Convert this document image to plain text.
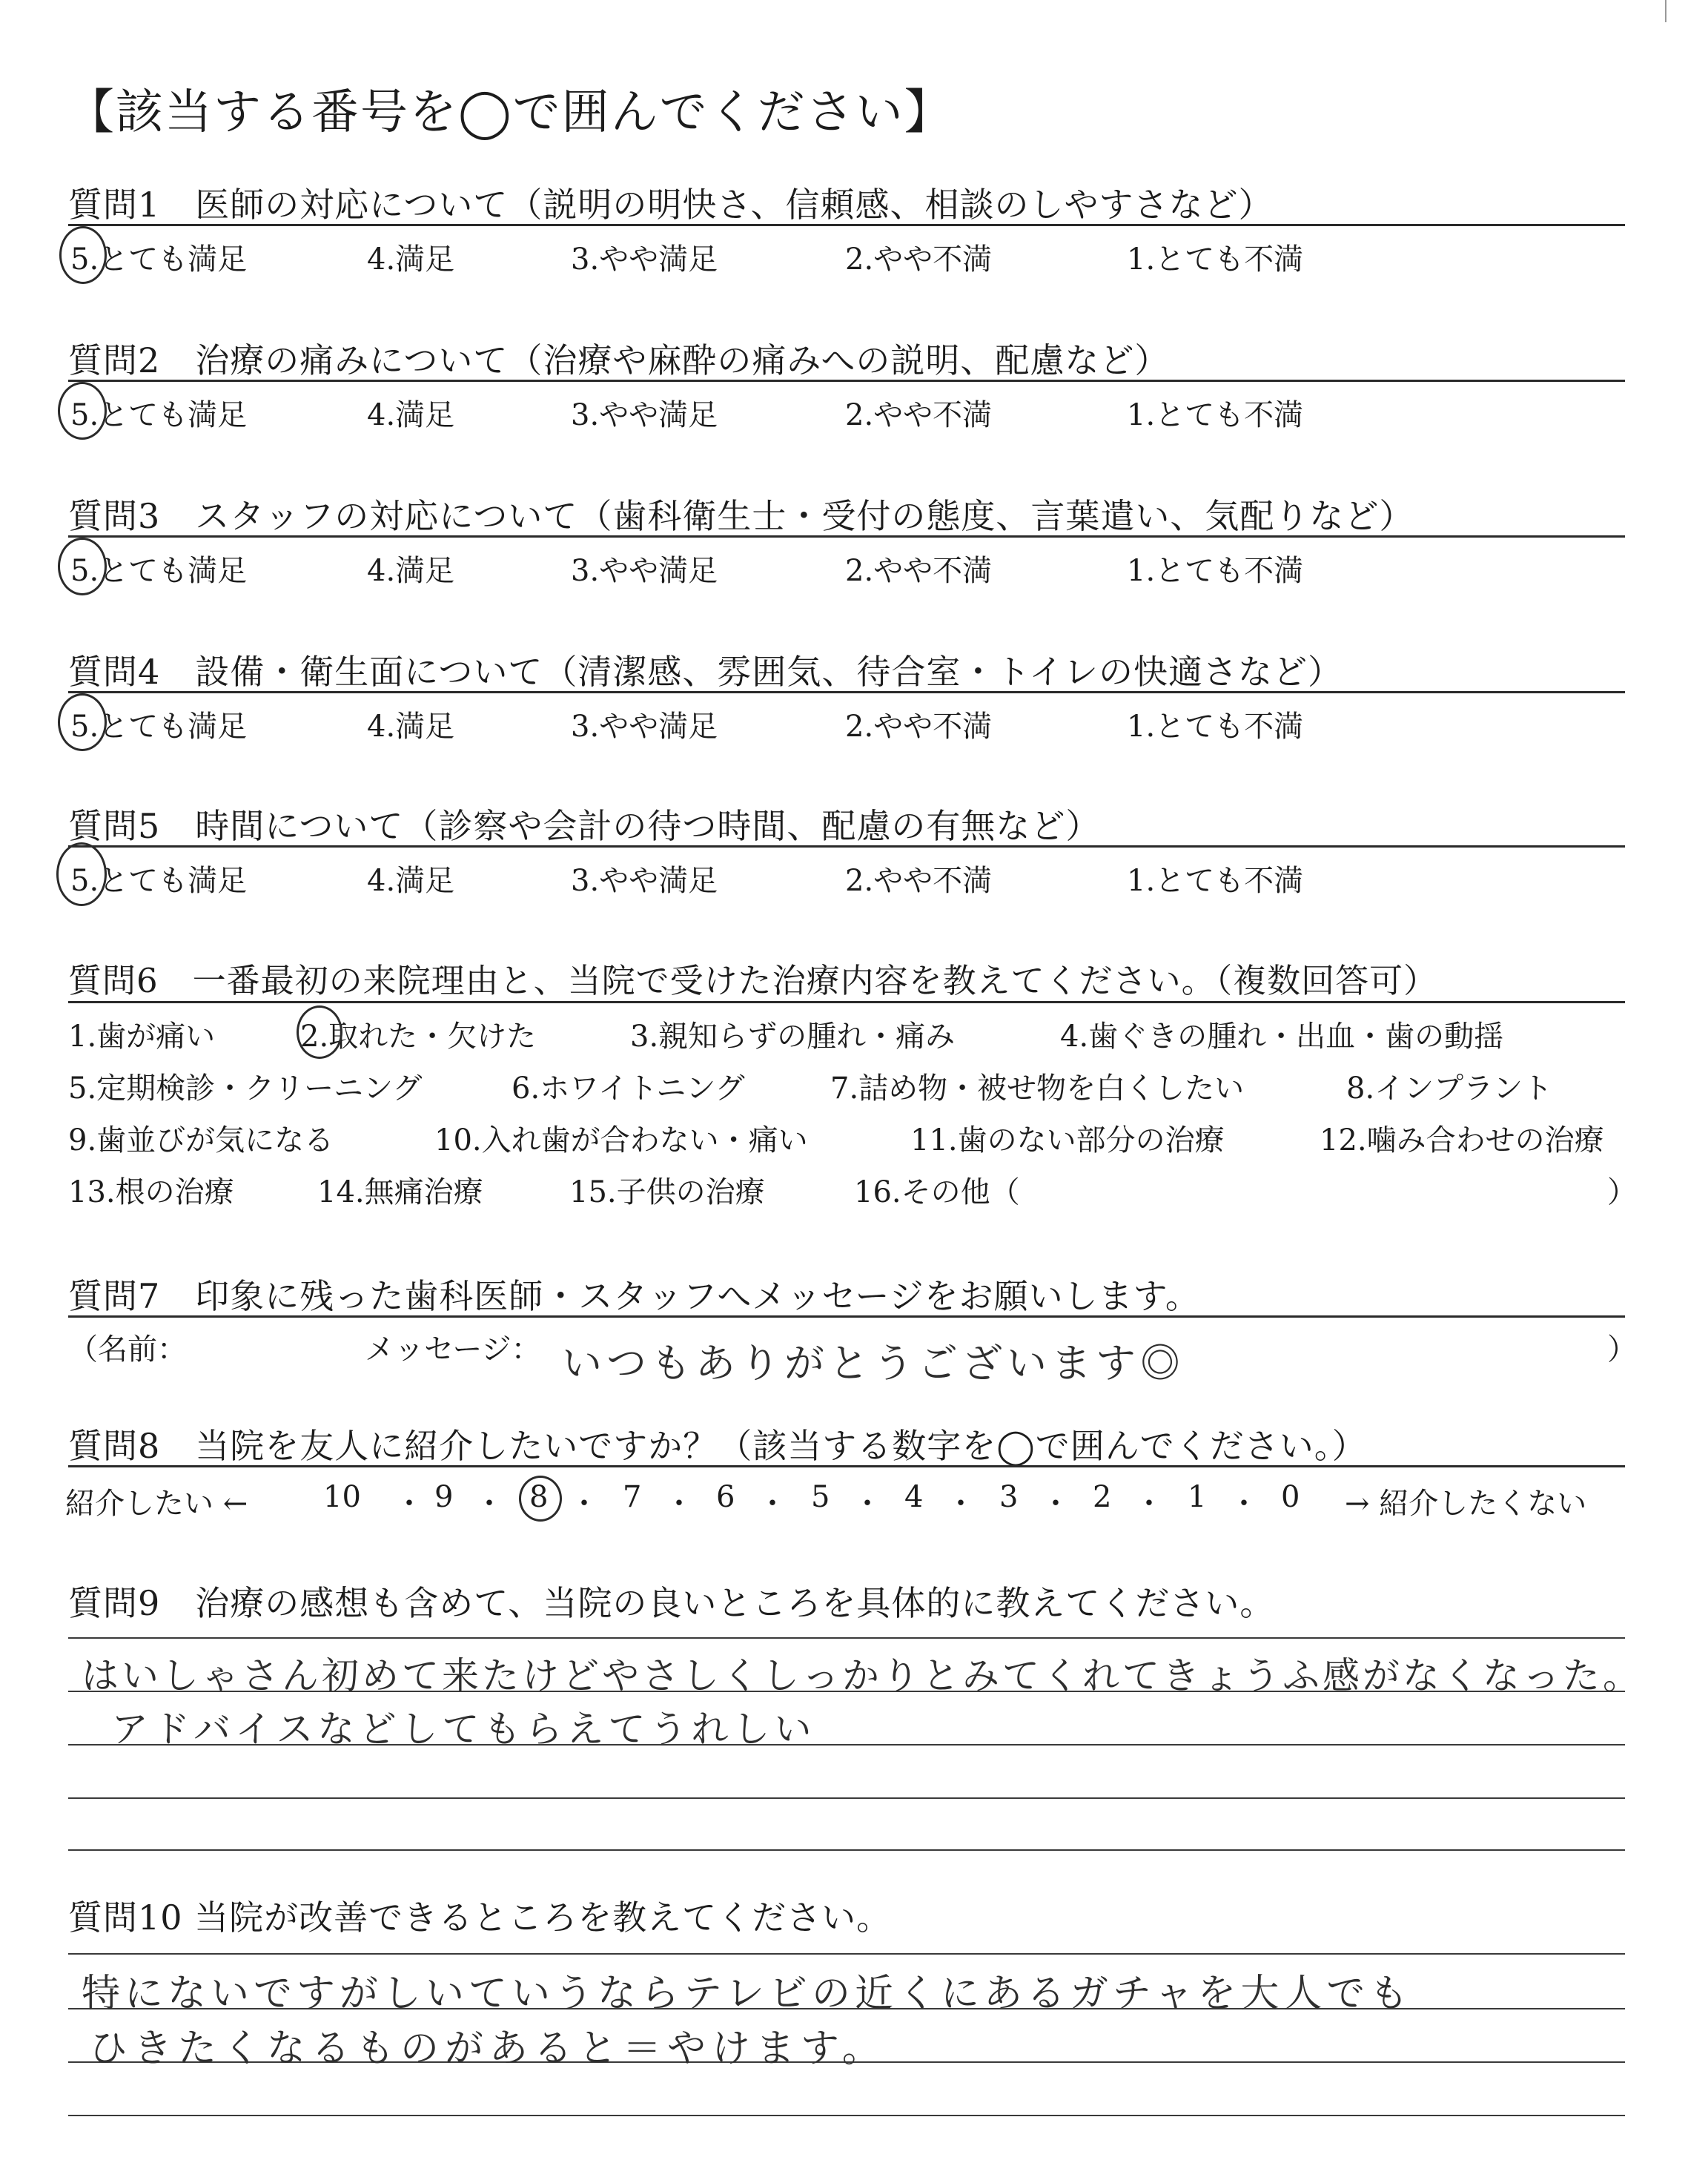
【該当する番号を◯で囲んでください】
質問1　医師の対応について（説明の明快さ、信頼感、相談のしやすさなど）
5.とても満足	4.満足	3.やや満足	2.やや不満	1.とても不満
質問2　治療の痛みについて（治療や麻酔の痛みへの説明、配慮など）
5.とても満足	4.満足	3.やや満足	2.やや不満	1.とても不満
質問3　スタッフの対応について（歯科衛生士・受付の態度、言葉遣い、気配りなど）
5.とても満足	4.満足	3.やや満足	2.やや不満	1.とても不満
質問4　設備・衛生面について（清潔感、雰囲気、待合室・トイレの快適さなど）
5.とても満足	4.満足	3.やや満足	2.やや不満	1.とても不満
質問5　時間について（診察や会計の待つ時間、配慮の有無など）
5.とても満足	4.満足	3.やや満足	2.やや不満	1.とても不満
質問6　一番最初の来院理由と、当院で受けた治療内容を教えてください。（複数回答可）
1.歯が痛い	2.取れた・欠けた	3.親知らずの腫れ・痛み	4.歯ぐきの腫れ・出血・歯の動揺
5.定期検診・クリーニング	6.ホワイトニング	7.詰め物・被せ物を白くしたい	8.インプラント
9.歯並びが気になる	10.入れ歯が合わない・痛い	11.歯のない部分の治療	12.噛み合わせの治療
13.根の治療	14.無痛治療	15.子供の治療	16.その他（	）
質問7　印象に残った歯科医師・スタッフへメッセージをお願いします。
（名前：	メッセージ： いつもありがとうございます◎	）
質問8　当院を友人に紹介したいですか？（該当する数字を◯で囲んでください。）
紹介したい ←	10 ・ 9 ・ 8 ・ 7 ・ 6 ・ 5 ・ 4 ・ 3 ・ 2 ・ 1 ・ 0 → 紹介したくない
質問9　治療の感想も含めて、当院の良いところを具体的に教えてください。
はいしゃさん初めて来たけどやさしくしっかりとみてくれてきょうふ感がなくなった。
アドバイスなどしてもらえてうれしい
質問10 当院が改善できるところを教えてください。
特にないですがしいていうならテレビの近くにあるガチャを大人でも
ひきたくなるものがあると＝やけます。
